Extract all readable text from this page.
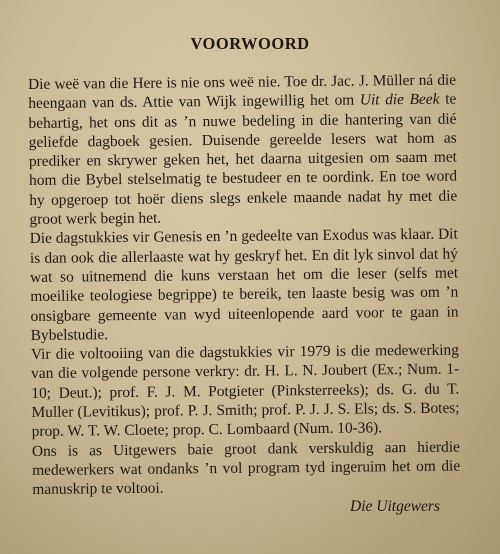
VOORWOORD

Die weë van die Here is nie ons weë nie. Toe dr. Jac. J. Müller ná die heengaan van ds. Attie van Wijk ingewillig het om Uit die Beek te behartig, het ons dit as ’n nuwe bedeling in die hantering van dié geliefde dagboek gesien. Duisende gereelde lesers wat hom as prediker en skrywer geken het, het daarna uitgesien om saam met hom die Bybel stelselmatig te bestudeer en te oordink. En toe word hy opgeroep tot hoër diens slegs enkele maande nadat hy met die groot werk begin het.

Die dagstukkies vir Genesis en ’n gedeelte van Exodus was klaar. Dit is dan ook die allerlaaste wat hy geskryf het. En dit lyk sinvol dat hý wat so uitnemend die kuns verstaan het om die leser (selfs met moeilike teologiese begrippe) te bereik, ten laaste besig was om ’n onsigbare gemeente van wyd uiteenlopende aard voor te gaan in Bybelstudie.

Vir die voltooiing van die dagstukkies vir 1979 is die medewerking van die volgende persone verkry: dr. H. L. N. Joubert (Ex.; Num. 1-10; Deut.); prof. F. J. M. Potgieter (Pinksterreeks); ds. G. du T. Muller (Levitikus); prof. P. J. Smith; prof. P. J. J. S. Els; ds. S. Botes; prop. W. T. W. Cloete; prop. C. Lombaard (Num. 10-36).

Ons is as Uitgewers baie groot dank verskuldig aan hierdie medewerkers wat ondanks ’n vol program tyd ingeruim het om die manuskrip te voltooi.

Die Uitgewers
